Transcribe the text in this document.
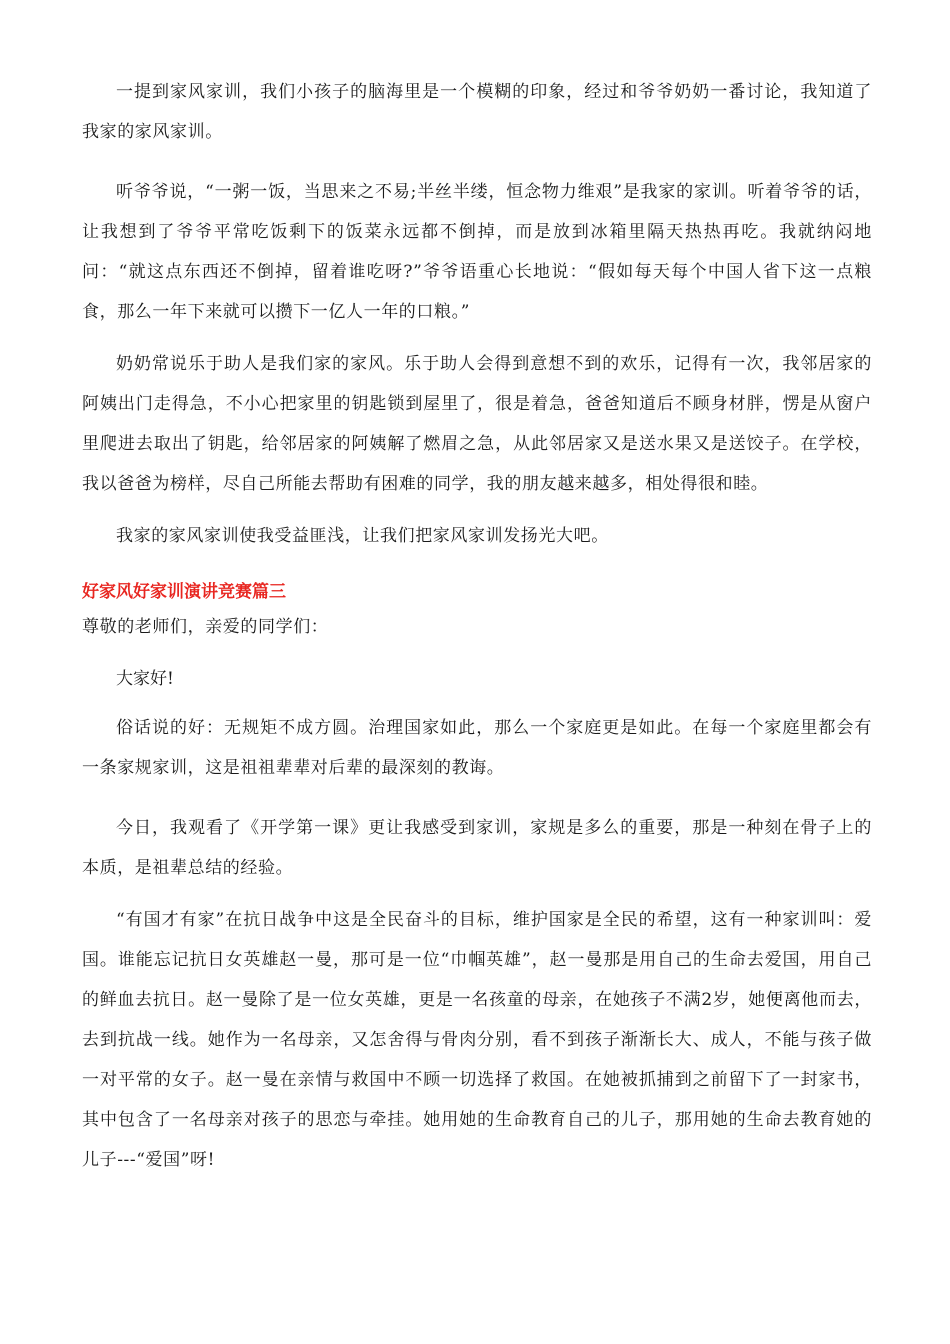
一提到家风家训，我们小孩子的脑海里是一个模糊的印象，经过和爷爷奶奶一番讨论，我知道了我家的家风家训。

听爷爷说，“一粥一饭，当思来之不易;半丝半缕，恒念物力维艰”是我家的家训。听着爷爷的话，让我想到了爷爷平常吃饭剩下的饭菜永远都不倒掉，而是放到冰箱里隔天热热再吃。我就纳闷地问：“就这点东西还不倒掉，留着谁吃呀?”爷爷语重心长地说：“假如每天每个中国人省下这一点粮食，那么一年下来就可以攒下一亿人一年的口粮。”

奶奶常说乐于助人是我们家的家风。乐于助人会得到意想不到的欢乐，记得有一次，我邻居家的阿姨出门走得急，不小心把家里的钥匙锁到屋里了，很是着急，爸爸知道后不顾身材胖，愣是从窗户里爬进去取出了钥匙，给邻居家的阿姨解了燃眉之急，从此邻居家又是送水果又是送饺子。在学校，我以爸爸为榜样，尽自己所能去帮助有困难的同学，我的朋友越来越多，相处得很和睦。

我家的家风家训使我受益匪浅，让我们把家风家训发扬光大吧。

好家风好家训演讲竞赛篇三

尊敬的老师们，亲爱的同学们：

大家好!

俗话说的好：无规矩不成方圆。治理国家如此，那么一个家庭更是如此。在每一个家庭里都会有一条家规家训，这是祖祖辈辈对后辈的最深刻的教诲。

今日，我观看了《开学第一课》更让我感受到家训，家规是多么的重要，那是一种刻在骨子上的本质，是祖辈总结的经验。

“有国才有家”在抗日战争中这是全民奋斗的目标，维护国家是全民的希望，这有一种家训叫：爱国。谁能忘记抗日女英雄赵一曼，那可是一位“巾帼英雄”，赵一曼那是用自己的生命去爱国，用自己的鲜血去抗日。赵一曼除了是一位女英雄，更是一名孩童的母亲，在她孩子不满2岁，她便离他而去，去到抗战一线。她作为一名母亲，又怎舍得与骨肉分别，看不到孩子渐渐长大、成人，不能与孩子做一对平常的女子。赵一曼在亲情与救国中不顾一切选择了救国。在她被抓捕到之前留下了一封家书，其中包含了一名母亲对孩子的思恋与牵挂。她用她的生命教育自己的儿子，那用她的生命去教育她的儿子---“爱国”呀!
